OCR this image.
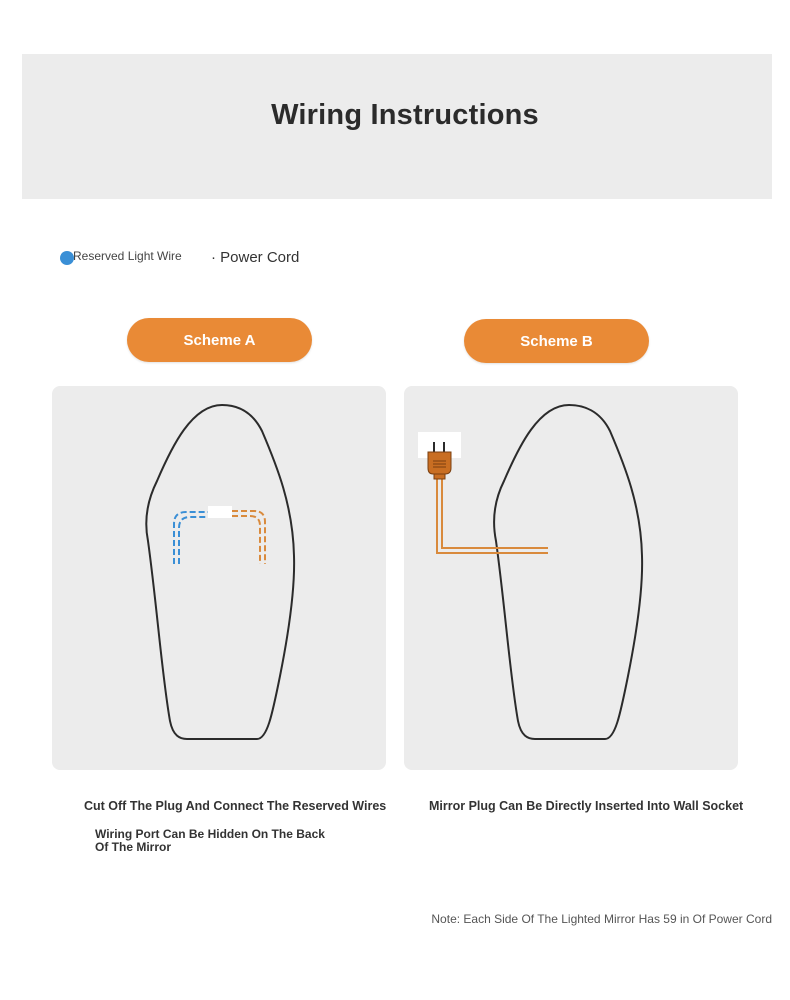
Wiring Instructions
Reserved Light Wire · Power Cord
Scheme A	Scheme B
Cut Off The Plug And Connect The Reserved Wires
Wiring Port Can Be Hidden On The Back Of The Mirror
Mirror Plug Can Be Directly Inserted Into Wall Socket
Note: Each Side Of The Lighted Mirror Has 59 in Of Power Cord
